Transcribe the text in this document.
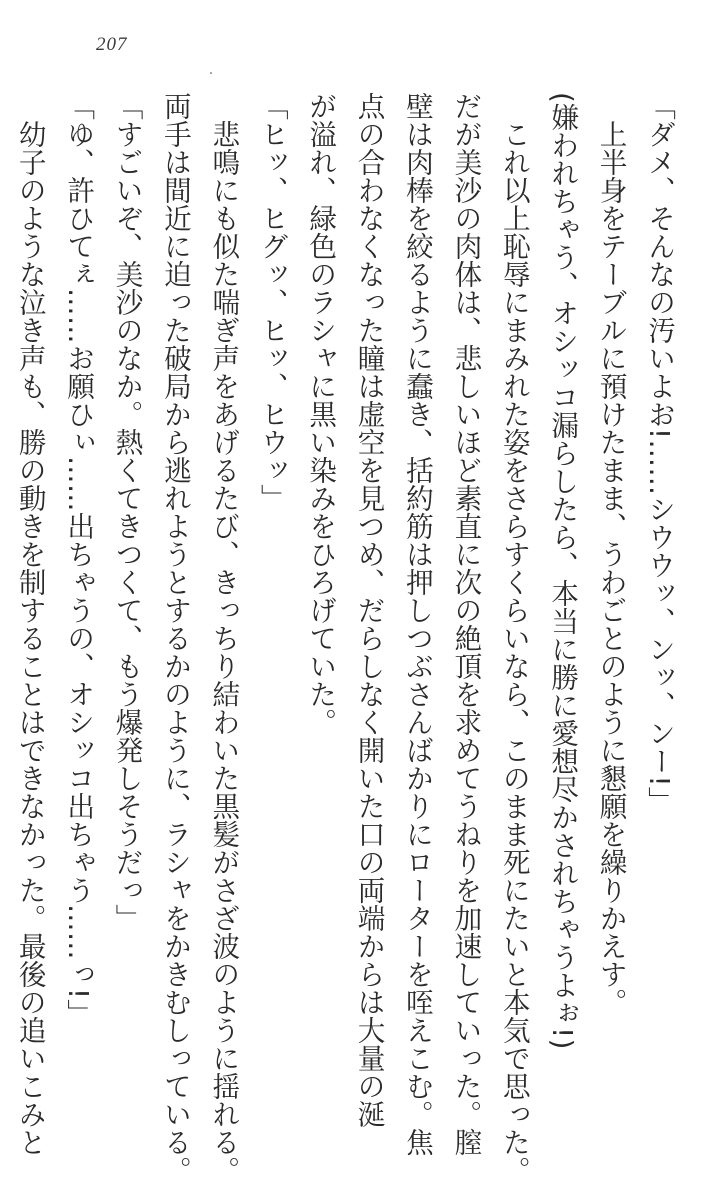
207
「ダメ、そんなの汚いよお!……シウウッ、ンッ、ンー!」
　上半身をテーブルに預けたまま、うわごとのように懇願を繰りかえす。
(嫌われちゃう、オシッコ漏らしたら、本当に勝に愛想尽かされちゃうよぉ!)
　これ以上恥辱にまみれた姿をさらすくらいなら、このまま死にたいと本気で思った。
だが美沙の肉体は、悲しいほど素直に次の絶頂を求めてうねりを加速していった。膣
壁は肉棒を絞るように蠢き、括約筋は押しつぶさんばかりにローターを咥えこむ。焦
点の合わなくなった瞳は虚空を見つめ、だらしなく開いた口の両端からは大量の涎
が溢れ、緑色のラシャに黒い染みをひろげていた。
「ヒッ、ヒグッ、ヒッ、ヒウッ」
　悲鳴にも似た喘ぎ声をあげるたび、きっちり結わいた黒髪がさざ波のように揺れる。
両手は間近に迫った破局から逃れようとするかのように、ラシャをかきむしっている。
「すごいぞ、美沙のなか。熱くてきつくて、もう爆発しそうだっ」
「ゆ、許ひてぇ……お願ひぃ……出ちゃうの、オシッコ出ちゃう……っ!」
　幼子のような泣き声も、勝の動きを制することはできなかった。最後の追いこみと
